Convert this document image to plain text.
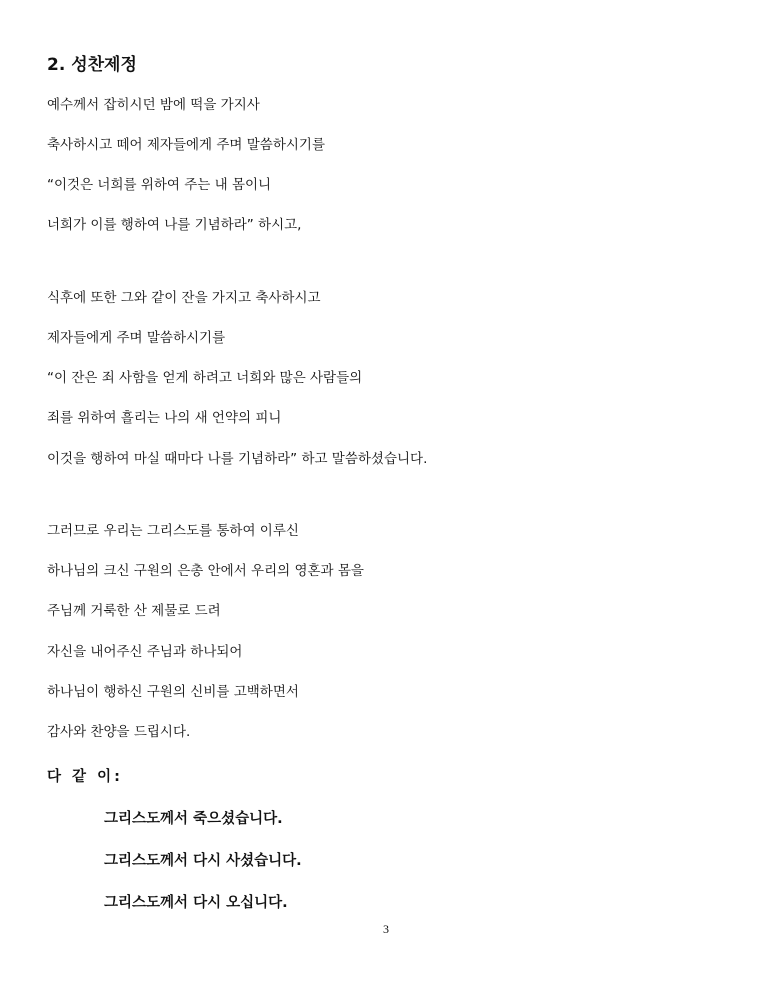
2. 성찬제정

예수께서 잡히시던 밤에 떡을 가지사

축사하시고 떼어 제자들에게 주며 말씀하시기를

“이것은 너희를 위하여 주는 내 몸이니

너희가 이를 행하여 나를 기념하라” 하시고,

식후에 또한 그와 같이 잔을 가지고 축사하시고

제자들에게 주며 말씀하시기를

“이 잔은 죄 사함을 얻게 하려고 너희와 많은 사람들의

죄를 위하여 흘리는 나의 새 언약의 피니

이것을 행하여 마실 때마다 나를 기념하라” 하고 말씀하셨습니다.

그러므로 우리는 그리스도를 통하여 이루신

하나님의 크신 구원의 은총 안에서 우리의 영혼과 몸을

주님께 거룩한 산 제물로 드려

자신을 내어주신 주님과 하나되어

하나님이 행하신 구원의 신비를 고백하면서

감사와 찬양을 드립시다.

다 같 이:

그리스도께서 죽으셨습니다.

그리스도께서 다시 사셨습니다.

그리스도께서 다시 오십니다.

3
